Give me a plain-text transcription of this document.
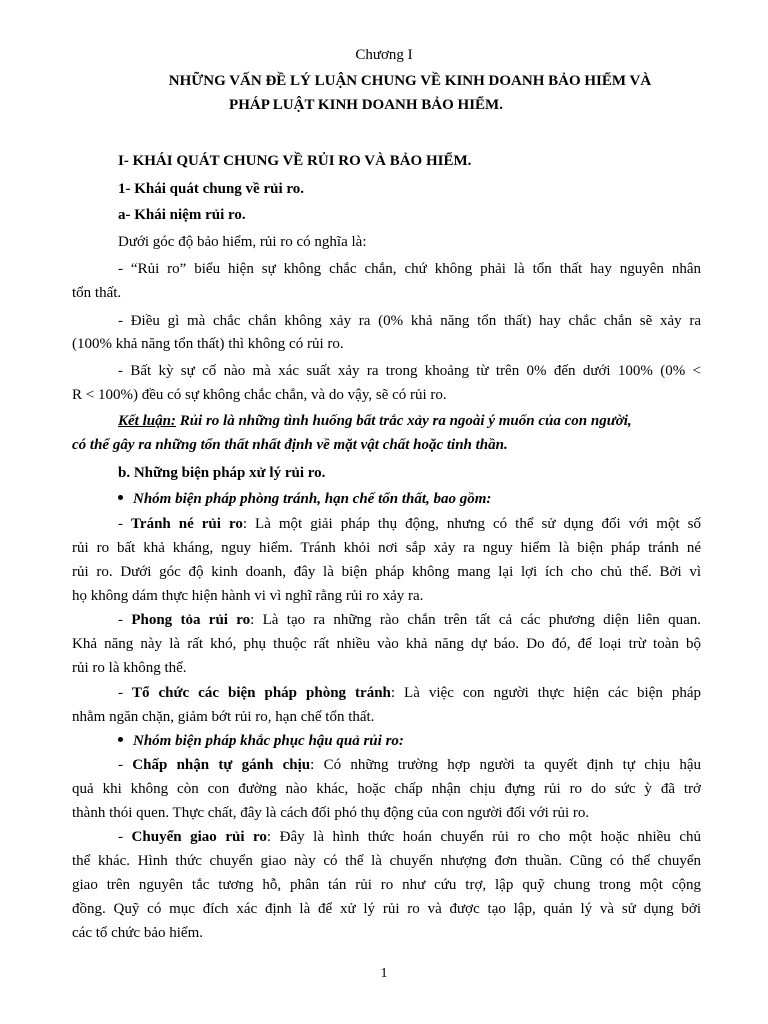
Chương I
NHỮNG VẤN ĐỀ LÝ LUẬN CHUNG VỀ KINH DOANH BẢO HIỂM VÀ
PHÁP LUẬT KINH DOANH BẢO HIỂM.
I- KHÁI QUÁT CHUNG VỀ RỦI RO VÀ BẢO HIỂM.
1- Khái quát chung về rủi ro.
a- Khái niệm rủi ro.
Dưới góc độ bảo hiểm, rủi ro có nghĩa là:
- “Rủi ro” biểu hiện sự không chắc chắn, chứ không phải là tổn thất hay nguyên nhân
tổn thất.
- Điều gì mà chắc chắn không xảy ra (0% khả năng tổn thất) hay chắc chắn sẽ xảy ra
(100% khả năng tổn thất) thì không có rủi ro.
- Bất kỳ sự cố nào mà xác suất xảy ra trong khoảng từ trên 0% đến dưới 100% (0% <
R < 100%) đều có sự không chắc chắn, và do vậy, sẽ có rủi ro.
Kết luận: Rủi ro là những tình huống bất trắc xảy ra ngoài ý muốn của con người,
có thể gây ra những tổn thất nhất định về mặt vật chất hoặc tinh thần.
b. Những biện pháp xử lý rủi ro.
Nhóm biện pháp phòng tránh, hạn chế tổn thất, bao gồm:
- Tránh né rủi ro: Là một giải pháp thụ động, nhưng có thể sử dụng đối với một số
rủi ro bất khả kháng, nguy hiểm. Tránh khỏi nơi sắp xảy ra nguy hiểm là biện pháp tránh né
rủi ro. Dưới góc độ kinh doanh, đây là biện pháp không mang lại lợi ích cho chủ thể. Bởi vì
họ không dám thực hiện hành vi vì nghĩ rằng rủi ro xảy ra.
- Phong tỏa rủi ro: Là tạo ra những rào chắn trên tất cả các phương diện liên quan.
Khả năng này là rất khó, phụ thuộc rất nhiều vào khả năng dự báo. Do đó, để loại trừ toàn bộ
rủi ro là không thể.
- Tổ chức các biện pháp phòng tránh: Là việc con người thực hiện các biện pháp
nhằm ngăn chặn, giảm bớt rủi ro, hạn chế tổn thất.
Nhóm biện pháp khắc phục hậu quả rủi ro:
- Chấp nhận tự gánh chịu: Có những trường hợp người ta quyết định tự chịu hậu
quả khi không còn con đường nào khác, hoặc chấp nhận chịu đựng rủi ro do sức ỳ đã trở
thành thói quen. Thực chất, đây là cách đối phó thụ động của con người đối với rủi ro.
- Chuyển giao rủi ro: Đây là hình thức hoán chuyển rủi ro cho một hoặc nhiều chủ
thể khác. Hình thức chuyển giao này có thể là chuyển nhượng đơn thuần. Cũng có thể chuyển
giao trên nguyên tắc tương hỗ, phân tán rủi ro như cứu trợ, lập quỹ chung trong một cộng
đồng. Quỹ có mục đích xác định là để xử lý rủi ro và được tạo lập, quản lý và sử dụng bởi
các tổ chức bảo hiểm.
1
